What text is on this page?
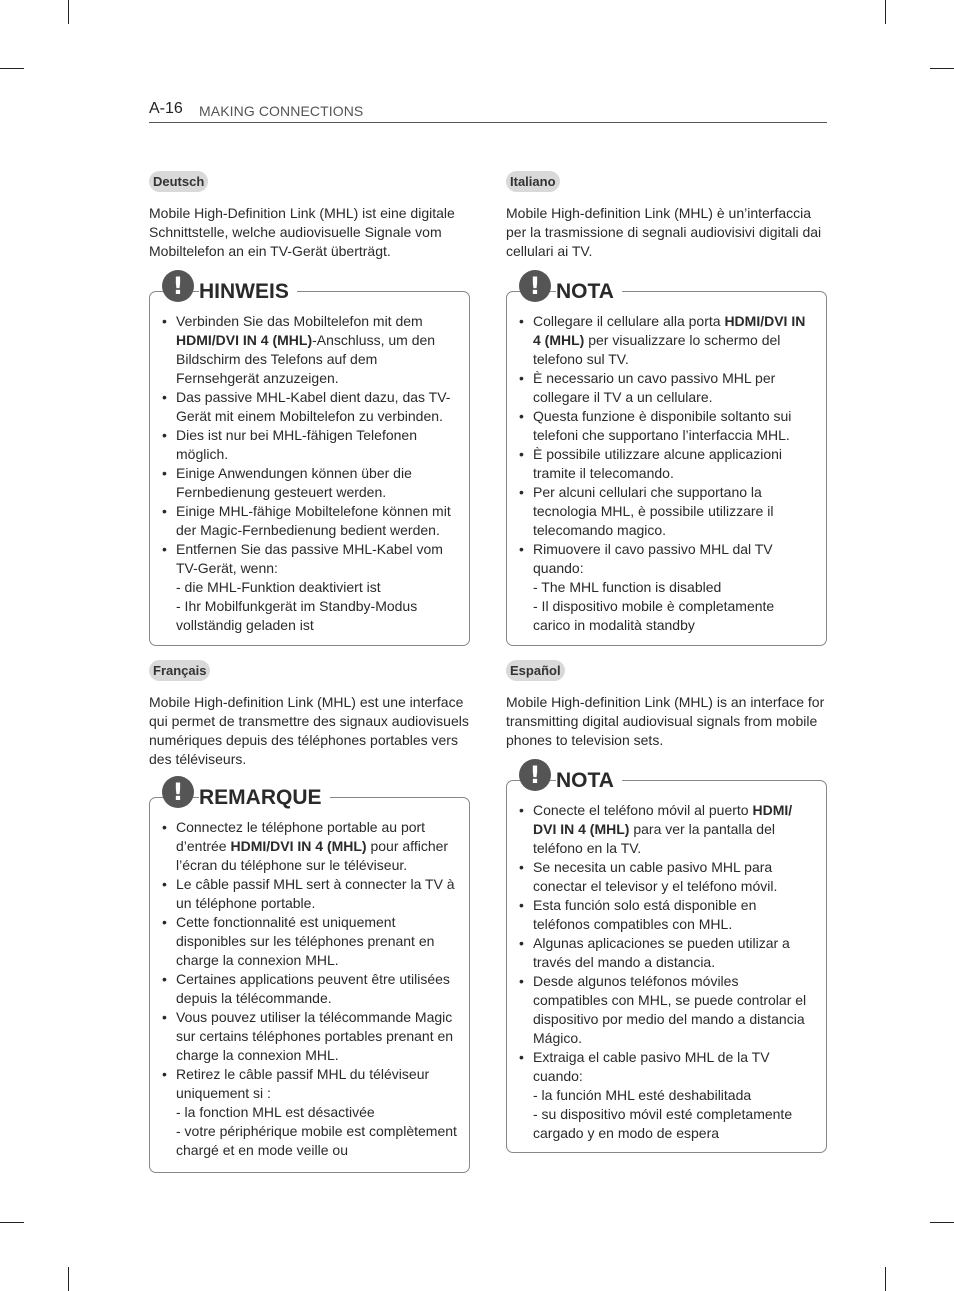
A-16 MAKING CONNECTIONS
Deutsch
Mobile High-Definition Link (MHL) ist eine digitale Schnittstelle, welche audiovisuelle Signale vom Mobiltelefon an ein TV-Gerät überträgt.
! HINWEIS
• Verbinden Sie das Mobiltelefon mit dem HDMI/DVI IN 4 (MHL)-Anschluss, um den Bildschirm des Telefons auf dem Fernsehgerät anzuzeigen.
• Das passive MHL-Kabel dient dazu, das TV-Gerät mit einem Mobiltelefon zu verbinden.
• Dies ist nur bei MHL-fähigen Telefonen möglich.
• Einige Anwendungen können über die Fernbedienung gesteuert werden.
• Einige MHL-fähige Mobiltelefone können mit der Magic-Fernbedienung bedient werden.
• Entfernen Sie das passive MHL-Kabel vom TV-Gerät, wenn:
- die MHL-Funktion deaktiviert ist
- Ihr Mobilfunkgerät im Standby-Modus vollständig geladen ist
Italiano
Mobile High-definition Link (MHL) è un’interfaccia per la trasmissione di segnali audiovisivi digitali dai cellulari ai TV.
! NOTA
• Collegare il cellulare alla porta HDMI/DVI IN 4 (MHL) per visualizzare lo schermo del telefono sul TV.
• È necessario un cavo passivo MHL per collegare il TV a un cellulare.
• Questa funzione è disponibile soltanto sui telefoni che supportano l’interfaccia MHL.
• È possibile utilizzare alcune applicazioni tramite il telecomando.
• Per alcuni cellulari che supportano la tecnologia MHL, è possibile utilizzare il telecomando magico.
• Rimuovere il cavo passivo MHL dal TV quando:
- The MHL function is disabled
- Il dispositivo mobile è completamente carico in modalità standby
Français
Mobile High-definition Link (MHL) est une interface qui permet de transmettre des signaux audiovisuels numériques depuis des téléphones portables vers des téléviseurs.
! REMARQUE
• Connectez le téléphone portable au port d’entrée HDMI/DVI IN 4 (MHL) pour afficher l’écran du téléphone sur le téléviseur.
• Le câble passif MHL sert à connecter la TV à un téléphone portable.
• Cette fonctionnalité est uniquement disponibles sur les téléphones prenant en charge la connexion MHL.
• Certaines applications peuvent être utilisées depuis la télécommande.
• Vous pouvez utiliser la télécommande Magic sur certains téléphones portables prenant en charge la connexion MHL.
• Retirez le câble passif MHL du téléviseur uniquement si :
- la fonction MHL est désactivée
- votre périphérique mobile est complètement chargé et en mode veille ou
Español
Mobile High-definition Link (MHL) is an interface for transmitting digital audiovisual signals from mobile phones to television sets.
! NOTA
• Conecte el teléfono móvil al puerto HDMI/ DVI IN 4 (MHL) para ver la pantalla del teléfono en la TV.
• Se necesita un cable pasivo MHL para conectar el televisor y el teléfono móvil.
• Esta función solo está disponible en teléfonos compatibles con MHL.
• Algunas aplicaciones se pueden utilizar a través del mando a distancia.
• Desde algunos teléfonos móviles compatibles con MHL, se puede controlar el dispositivo por medio del mando a distancia Mágico.
• Extraiga el cable pasivo MHL de la TV cuando:
- la función MHL esté deshabilitada
- su dispositivo móvil esté completamente cargado y en modo de espera
